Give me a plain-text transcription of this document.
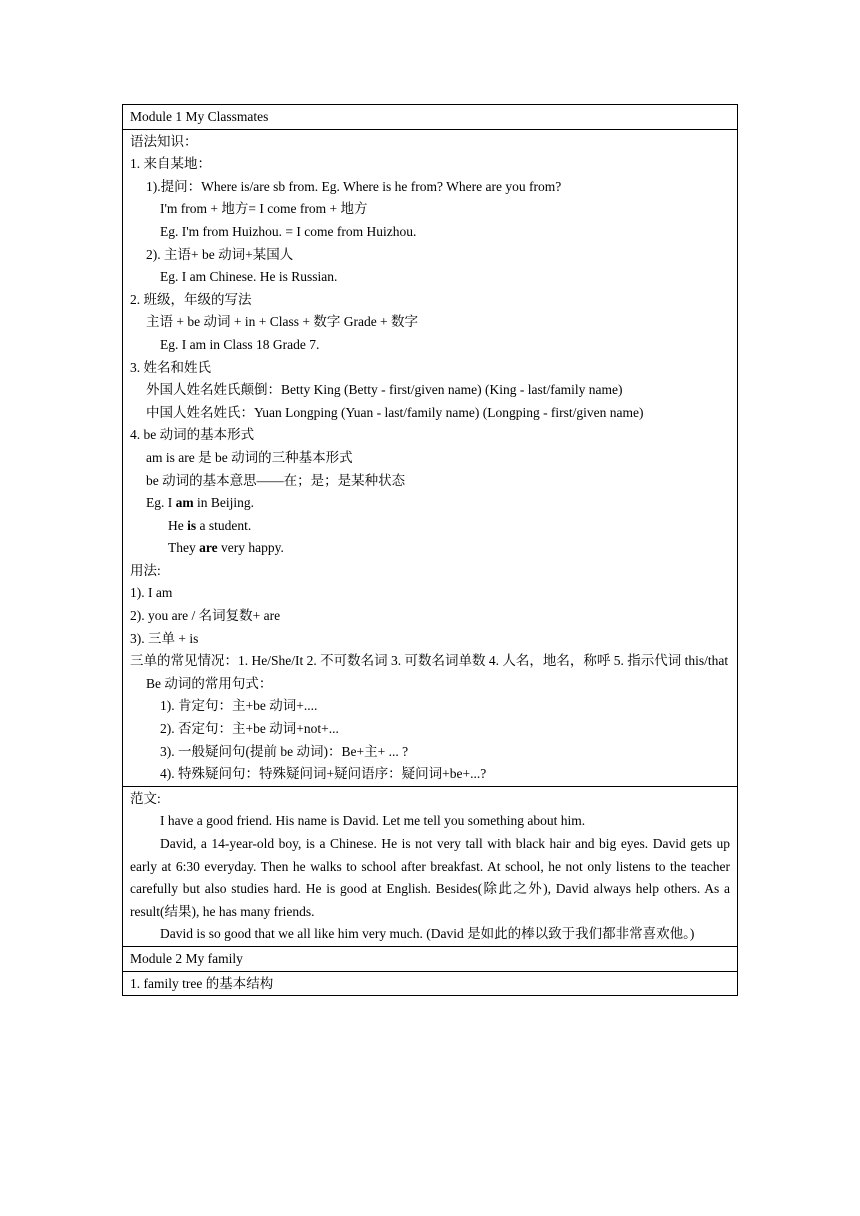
Module 1 My Classmates

语法知识：
1. 来自某地：
1).提问：Where is/are sb from. Eg. Where is he from? Where are you from?
I'm from + 地方= I come from + 地方
Eg. I'm from Huizhou. = I come from Huizhou.
2). 主语+ be 动词+某国人
Eg. I am Chinese. He is Russian.
2. 班级，年级的写法
主语 + be 动词 + in + Class + 数字 Grade + 数字
Eg. I am in Class 18 Grade 7.
3. 姓名和姓氏
外国人姓名姓氏颠倒：Betty King (Betty - first/given name) (King - last/family name)
中国人姓名姓氏：Yuan Longping (Yuan - last/family name) (Longping - first/given name)
4. be 动词的基本形式
am is are 是 be 动词的三种基本形式
be 动词的基本意思——在；是；是某种状态
Eg. I am in Beijing.
He is a student.
They are very happy.
用法:
1). I am
2). you are / 名词复数+ are
3). 三单 + is
三单的常见情况：1. He/She/It 2. 不可数名词 3. 可数名词单数 4. 人名，地名，称呼 5. 指示代词 this/that
Be 动词的常用句式：
1). 肯定句：主+be 动词+....
2). 否定句：主+be 动词+not+...
3). 一般疑问句(提前 be 动词)：Be+主+ ... ?
4). 特殊疑问句：特殊疑问词+疑问语序：疑问词+be+...?

范文:
I have a good friend. His name is David. Let me tell you something about him.
David, a 14-year-old boy, is a Chinese. He is not very tall with black hair and big eyes. David gets up early at 6:30 everyday. Then he walks to school after breakfast. At school, he not only listens to the teacher carefully but also studies hard. He is good at English. Besides(除此之外), David always help others. As a result(结果), he has many friends.
David is so good that we all like him very much. (David 是如此的棒以致于我们都非常喜欢他。)

Module 2 My family

1. family tree 的基本结构
